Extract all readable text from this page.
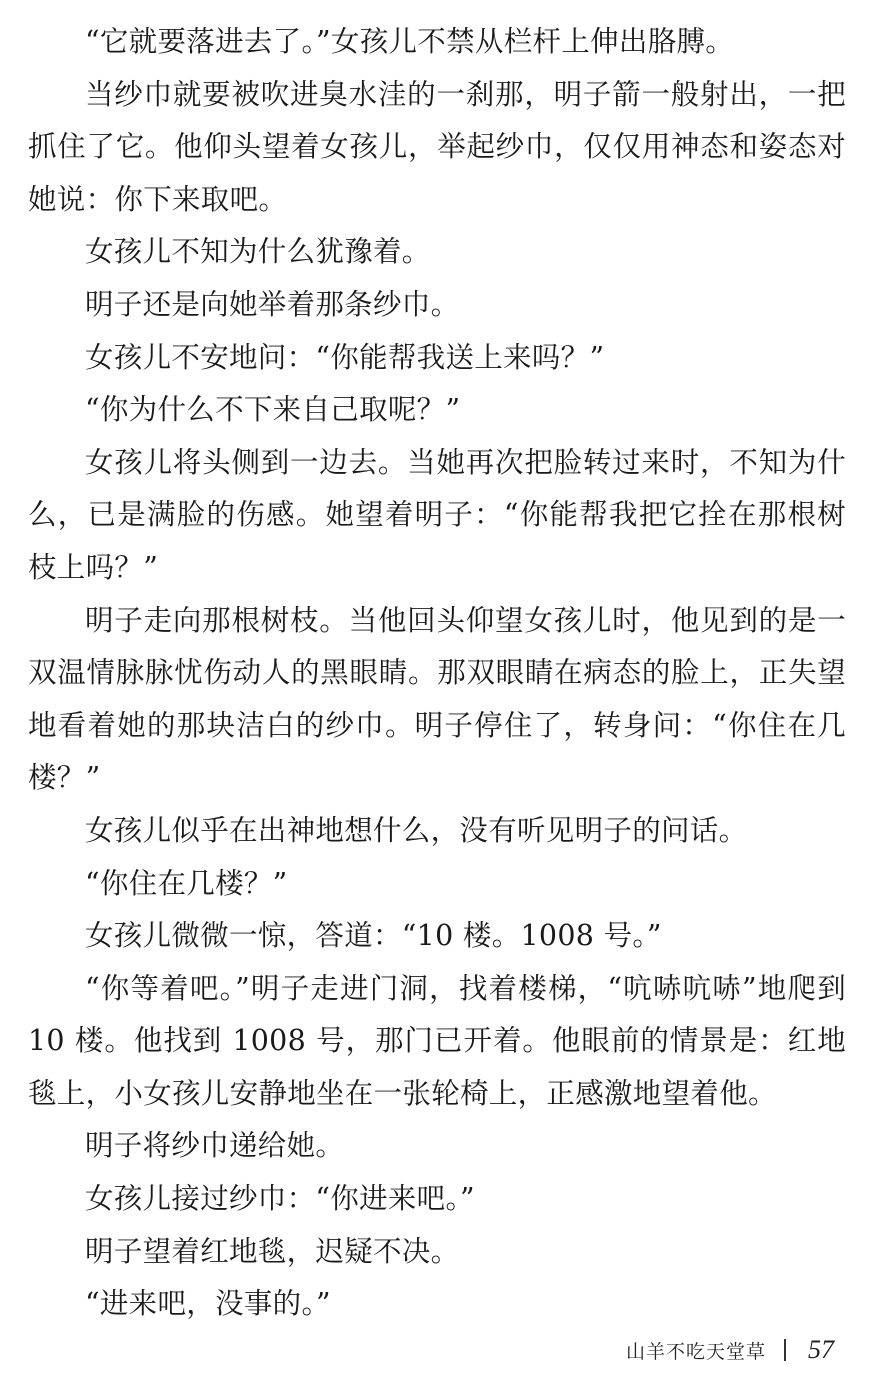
“它就要落进去了。”女孩儿不禁从栏杆上伸出胳膊。

当纱巾就要被吹进臭水洼的一刹那，明子箭一般射出，一把抓住了它。他仰头望着女孩儿，举起纱巾，仅仅用神态和姿态对她说：你下来取吧。

女孩儿不知为什么犹豫着。

明子还是向她举着那条纱巾。

女孩儿不安地问：“你能帮我送上来吗？”

“你为什么不下来自己取呢？”

女孩儿将头侧到一边去。当她再次把脸转过来时，不知为什么，已是满脸的伤感。她望着明子：“你能帮我把它拴在那根树枝上吗？”

明子走向那根树枝。当他回头仰望女孩儿时，他见到的是一双温情脉脉忧伤动人的黑眼睛。那双眼睛在病态的脸上，正失望地看着她的那块洁白的纱巾。明子停住了，转身问：“你住在几楼？”

女孩儿似乎在出神地想什么，没有听见明子的问话。

“你住在几楼？”

女孩儿微微一惊，答道：“10 楼。1008 号。”

“你等着吧。”明子走进门洞，找着楼梯，“吭哧吭哧”地爬到 10 楼。他找到 1008 号，那门已开着。他眼前的情景是：红地毯上，小女孩儿安静地坐在一张轮椅上，正感激地望着他。

明子将纱巾递给她。

女孩儿接过纱巾：“你进来吧。”

明子望着红地毯，迟疑不决。

“进来吧，没事的。”

山羊不吃天堂草 57
